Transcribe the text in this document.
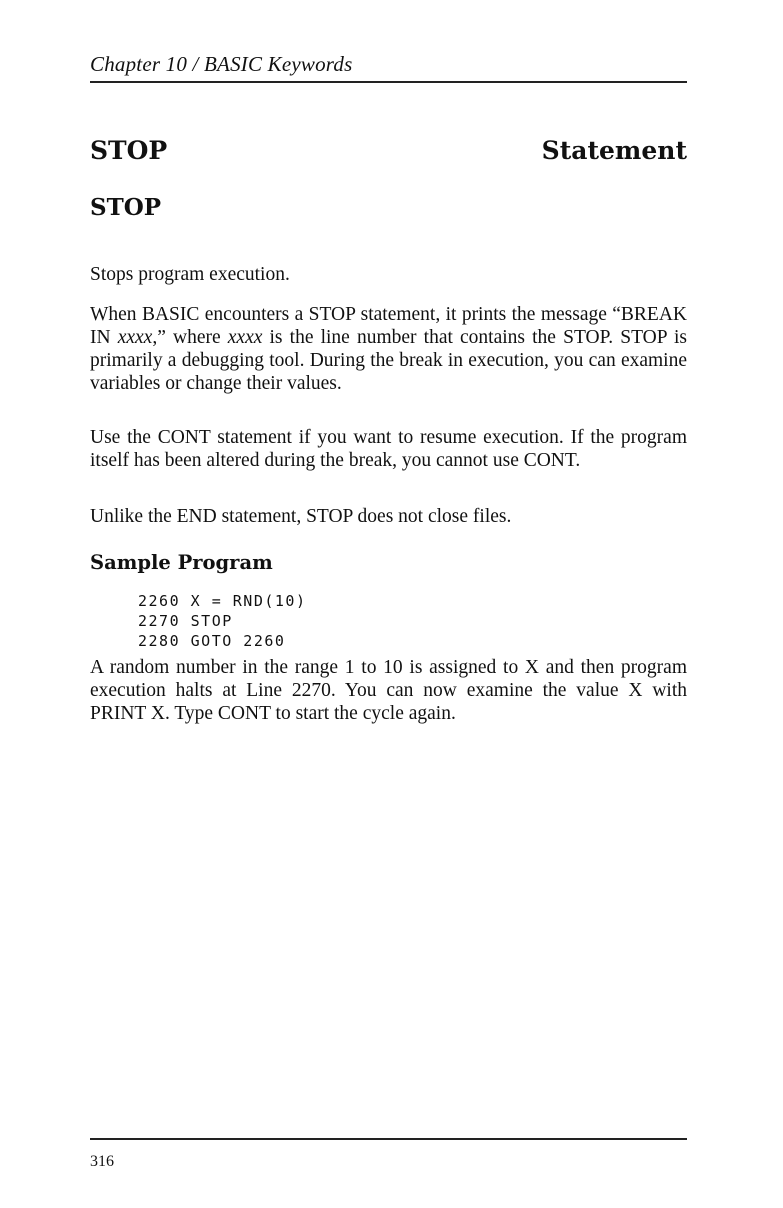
Chapter 10 / BASIC Keywords
STOP	Statement
STOP

Stops program execution.

When BASIC encounters a STOP statement, it prints the message “BREAK IN xxxx,” where xxxx is the line number that contains the STOP. STOP is primarily a debugging tool. During the break in execution, you can examine variables or change their values.

Use the CONT statement if you want to resume execution. If the program itself has been altered during the break, you cannot use CONT.

Unlike the END statement, STOP does not close files.

Sample Program
2260 X = RND(10)
2270 STOP
2280 GOTO 2260

A random number in the range 1 to 10 is assigned to X and then program execution halts at Line 2270. You can now examine the value X with PRINT X. Type CONT to start the cycle again.

316
